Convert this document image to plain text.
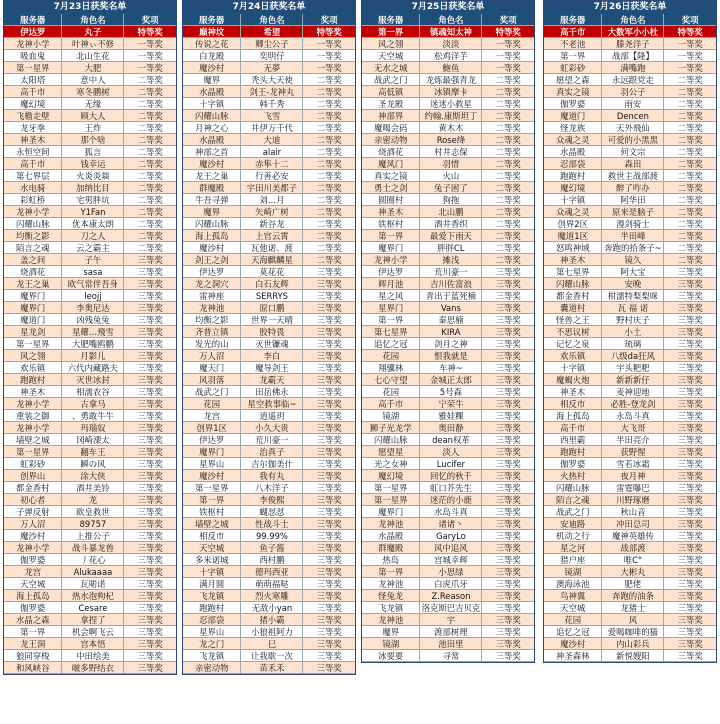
7月23日获奖名单
服务器	角色名	奖项
伊达罗	丸子	特等奖
龙神小学	叶神ぃ不修	一等奖
吸血鬼	北山生花	一等奖
第一星界	大肥	一等奖
太阳塔	意中人	二等奖
高千市	寒冬鹏树	二等奖
魔幻境	无缘	二等奖
飞檐走壁	顾大人	二等奖
龙牙拳	王炸	二等奖
神圣木	那个啥	二等奖
永恒空间	狐言	二等奖
高千市	钱幸运	二等奖
第七界层	火炎炎燚	二等奖
水电骑	加纳比目	二等奖
彩虹桥	宅男胖坑	二等奖
龙神小学	Y1Fan	二等奖
闪耀山脉	优本康太朗	二等奖
均衡之影	刀之人	二等奖
陌言之魂	云之霸主	二等奖
盖之间	子午	三等奖
烧酒花	sasa	三等奖
龙王之巢	欧气常伴吾身	三等奖
魔界门	leojj	三等奖
魔界门	李奥尼达	三等奖
魔道门	凶残兔兔	三等奖
星龙剑	星耀…飛雪	三等奖
第一星界	大肥嘴鸥鹏	三等奖
风之翎	月影儿	三等奖
欢乐镇	六代内藏路夫	三等奖
跑跑村	灭世冰封	三等奖
神圣木	相濡农谷	三等奖
龙神小学	古拿马	三等奖
重装之御	、勇敢牛牛	三等奖
龙神小学	玛瑙奴	三等奖
墙壁之城	冈崎溧太	三等奖
第一星界	翻车王	三等奖
虹彩砂	瞬の风	三等奖
创界山	涂大侠	三等奖
都金香村	酒井美铃	三等奖
初心者	龙	三等奖
子弹反射	欧皇救世	三等奖
万人沼	89757	三等奖
魔沙村	上推公子	三等奖
龙神小学	战斗暴龙兽	三等奖
伽罗婆	丿花心	三等奖
龙宫	Alukaaaa	三等奖
天空城	瓦喏诺	三等奖
海上孤岛	热水泡枸杞	三等奖
伽罗婆	Cesare	三等奖
水晶之森	拿捏了	三等奖
第一界	机会啊飞云	三等奖
龙王洞	宫本悟	三等奖
狼同穿梭	中田绘美	三等奖
和风峡谷	啵多野结衣	三等奖
7月24日获奖名单
服务器	角色名	奖项
巅神坟	希望	特等奖
传说之花	卿尘公子	一等奖
白龙殿	奕明仔	一等奖
魔沙村	无夢	一等奖
魔界	秃头大天使	二等奖
水晶殿	剑王-龙神丸	二等奖
十字镇	韩千秀	二等奖
闪耀山脉	飞雪	二等奖
月神之心	井伊万千代	二等奖
水晶殿	大迪	二等奖
神部之首	alair	二等奖
魔沙村	赤隼十二	二等奖
龙王之巢	行善必安	二等奖
群魔殿	宇田川美都子	二等奖
牛吾寻弹	刘…月	二等奖
魔界	矢崎广树	二等奖
闪耀山脉	新谷龙	二等奖
海上孤岛	上官云霄	二等奖
魔沙村	瓦他诺、渡	二等奖
剑王之剑	天海麒麟星	二等奖
伊达罗	莫花花	三等奖
龙之洞穴	白石友辉	三等奖
雷神座	SERRYS	三等奖
龙神池	原口鹏	三等奖
均衡之影	世界一天晴	三等奖
齐普立镇	胶特畏	三等奖
发光的山	灭世镰魂	三等奖
万人沼	李白	三等奖
魔天门	魔导剑王	三等奖
风羽落	龙霸天	三等奖
战武之门	田岳佛永	三等奖
花园	星空救事临~	三等奖
龙宫	逍遥玥	三等奖
创界1区	小久大贵	三等奖
伊达罗	荒川豪一	三等奖
魔界门	治真子	三等奖
星界山	吉尔伽美什	三等奖
魔沙村	我有丸	三等奖
第一星界	八木洋子	三等奖
第一界	李俊熙	三等奖
铁枢村	蝴怼怼	三等奖
墙壁之城	性战斗士	三等奖
相反市	99.99%	三等奖
天空城	鱼子酱	三等奖
多米诺城	西村鹏	三等奖
十字镇	德玛西亚	三等奖
满月圆	萌萌福哒	三等奖
飞龙镇	烈火寒雕	三等奖
跑跑村	无敌小yan	三等奖
忍部袋	猪小霸	三等奖
星界山	小狼祖阿力	三等奖
龙之门	巳	三等奖
飞龙镇	让我歇一次	三等奖
亲密动物	苗禾禾	三等奖
7月25日获奖名单
服务器	角色名	奖项
第一界	镇魂知太神	特等奖
风之翎	淡淡	一等奖
天空城	松鸡洋芋	一等奖
无水之城	鮑鱼	一等奖
战武之门	龙炼最强青龙	二等奖
高低镇	冰镇摩卡	二等奖
圣龙殿	迷迷小救星	二等奖
神部界	约翰.康斯坦丁	二等奖
魔喝会码	黄木木	二等奖
亲密动物	Rose绛	二等奖
烧酒花	村井志保	二等奖
魔风门	羽惜	二等奖
真实之镜	火山	二等奖
勇士之剑	兔子困了	二等奖
圆圈村	狗拖	二等奖
神圣木	北山鹏	二等奖
铁枢村	酒井香织	二等奖
第一界	最爱下雨天	二等奖
魔界门	胖胖CL	二等奖
龙神小学	摊浅	二等奖
伊达罗	荒川豪一	三等奖
辉月池	吉川佐富浪	三等奖
星之风	青出于蓝死楠	三等奖
星界门	Vans	三等奖
第一界	秦思楠	三等奖
第七星界	KIRA	三等奖
追忆之冠	剑月之神	三等奖
花园	恨我就是	三等奖
翔骥林	车神~	三等奖
七心守望	金城正太郎	三等奖
花园	5号森	三等奖
高千市	宁荣牛	三等奖
镜湖	雅娃粿	三等奖
狮子光龙学	奥田静	三等奖
闪耀山脉	dean权革	三等奖
愿望星	淡人	三等奖
光之女神	Lucifer	三等奖
魔幻境	回忆的秋千	三等奖
第一星界	虹口芥先生	三等奖
第一星界	迷茫的小鹿	三等奖
魔界门	水岛斗真	三等奖
龙神池	诸诸丶	三等奖
水晶殿	GaryLo	三等奖
群魔殿	风中追风	三等奖
热岛	宫城幸辉	三等奖
第一界	小思绿	三等奖
龙神池	白虎爪牙	三等奖
怪兔龙	Z.Reason	三等奖
飞龙镇	洛克斯巴吉贝克	三等奖
龙神池	宇	三等奖
魔界	渡部树理	三等奖
镜湖	池田里	三等奖
冰要要	寻常	三等奖
7月26日获奖名单
服务器	角色名	奖项
高千市	大数军小小杜	特等奖
不老池	滕尧洋子	一等奖
第一界	战部【隆】	一等奖
虹彩砂	满嘴跑	一等奖
愿望之森	永远跟党走	二等奖
真实之镜	羽公子	二等奖
伽罗婆	雨安	二等奖
魔道门	Dencen	二等奖
怪龙族	天外飛仙	二等奖
众魂之灵	可爱的小黑黑	二等奖
水晶殿	何文宗	二等奖
忍部袋	森田	二等奖
跑跑村	救世主战部渡	二等奖
魔幻境	醉了咋办	二等奖
十字镇	阿华田	二等奖
众魂之灵	原来是脑子	二等奖
创界2区	漫剑骑士	二等奖
魔道1区	半田峰	二等奖
怒鸣神域	奔跑的拾条子~	二等奖
神圣木	镜久	二等奖
第七星界	阿大宝	三等奖
闪耀山脉	安晚	三等奖
都金香村	柑濡特梨梨咪	三等奖
囊道村	瓦 福 诺	三等奖
怪兽之王	野村庆子	三等奖
不思议树	小土	三等奖
记忆之泉	琉璃	三等奖
欢乐镇	八级dа狂风	三等奖
十字镇	宇头粑粑	三等奖
魔蝎火炮	新新新仔	三等奖
神圣木	麦神迎地	三等奖
相反市	必胜-登龙剑	三等奖
海上孤岛	永岛斗真	三等奖
高千市	大飞哥	三等奖
西里霸	半田亮介	三等奖
跑跑村	获野惺	三等奖
伽罗婆	雪若冰霜	三等奖
火热村	夜月神	三等奖
闪耀山脉	雷霆曝巴	三等奖
陌言之魂	川野琢磨	三等奖
战武之门	秋山音	三等奖
安迪路	冲田总司	三等奖
机动之行	魔神英雄传	三等奖
星之河	战部渡	三等奖
猎户座	唯C°	三等奖
镜湖	大彬丸	三等奖
澳海泳池	肥佬	三等奖
鸟神翼	奔跑的油条	三等奖
天空城	龙猪士	三等奖
花园	风	三等奖
追忆之冠	爱喝咖啡的猫	三等奖
魔沙村	内山彩兵	三等奖
神圣森林	新悦嫂阳	三等奖
